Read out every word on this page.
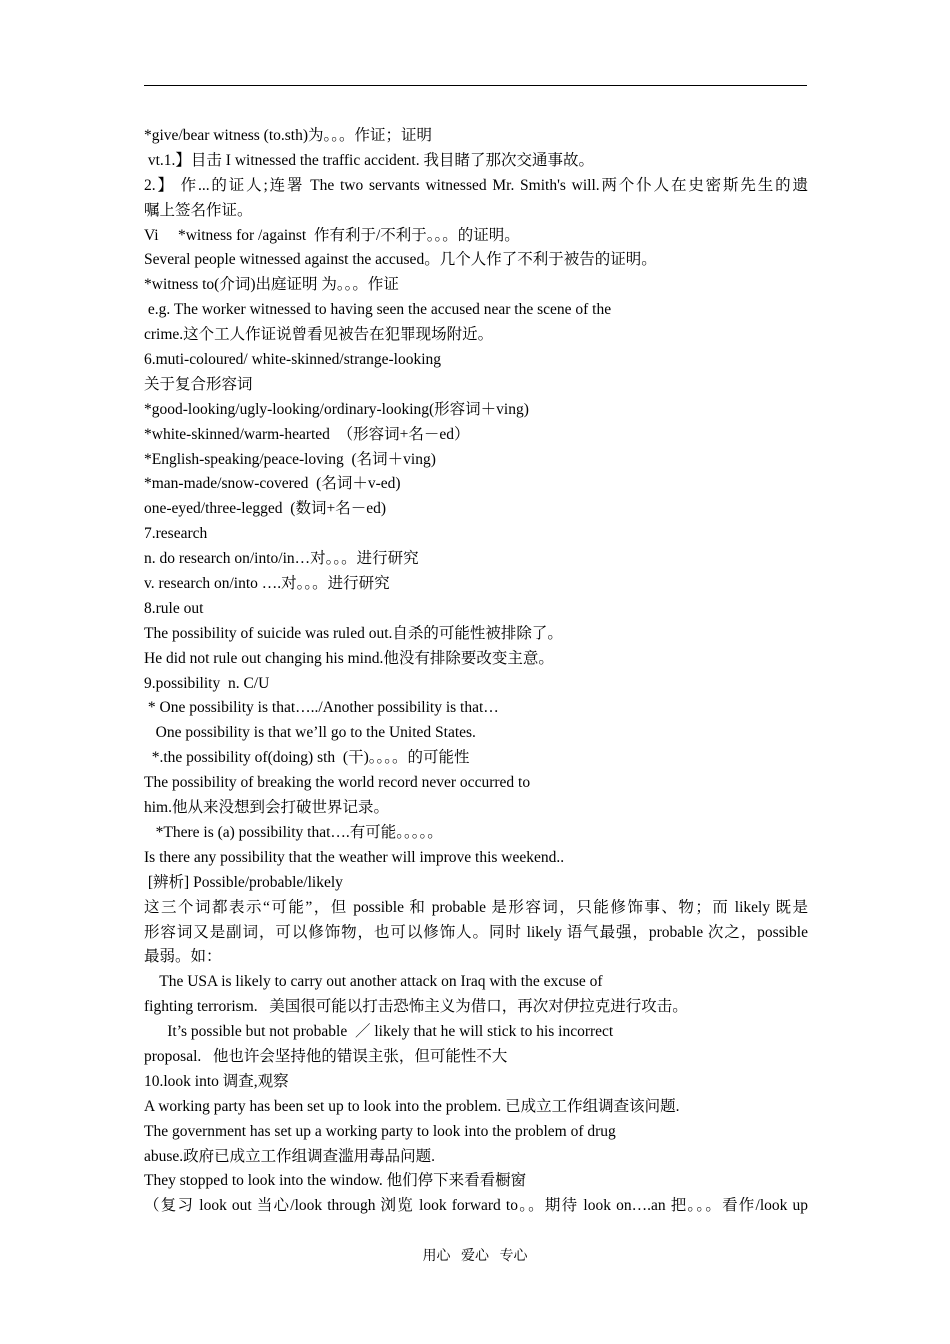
*give/bear witness (to.sth)为。。。作证；证明
vt.1.】目击 I witnessed the traffic accident. 我目睹了那次交通事故。
2.】 作...的证人;连署 The two servants witnessed Mr. Smith's will.两个仆人在史密斯先生的遗
嘱上签名作证。
Vi     *witness for /against  作有利于/不利于。。。的证明。
Several people witnessed against the accused。几个人作了不利于被告的证明。
*witness to(介词)出庭证明 为。。。作证
e.g. The worker witnessed to having seen the accused near the scene of the
crime.这个工人作证说曾看见被告在犯罪现场附近。
6.muti-coloured/ white-skinned/strange-looking
关于复合形容词
*good-looking/ugly-looking/ordinary-looking(形容词＋ving)
*white-skinned/warm-hearted  （形容词+名－ed）
*English-speaking/peace-loving  (名词＋ving)
*man-made/snow-covered  (名词＋v-ed)
one-eyed/three-legged  (数词+名－ed)
7.research
n. do research on/into/in…对。。。进行研究
v. research on/into ….对。。。进行研究
8.rule out
The possibility of suicide was ruled out.自杀的可能性被排除了。
He did not rule out changing his mind.他没有排除要改变主意。
9.possibility  n. C/U
* One possibility is that…../Another possibility is that…
One possibility is that we’ll go to the United States.
*.the possibility of(doing) sth  (干)。。。。的可能性
The possibility of breaking the world record never occurred to
him.他从来没想到会打破世界记录。
*There is (a) possibility that….有可能。。。。。
Is there any possibility that the weather will improve this weekend..
[辨析] Possible/probable/likely
这三个词都表示“可能”，但 possible 和 probable 是形容词，只能修饰事、物；而 likely 既是
形容词又是副词，可以修饰物，也可以修饰人。同时 likely 语气最强，probable 次之，possible
最弱。如：
The USA is likely to carry out another attack on Iraq with the excuse of
fighting terrorism.   美国很可能以打击恐怖主义为借口，再次对伊拉克进行攻击。
It’s possible but not probable  ／ likely that he will stick to his incorrect
proposal.   他也许会坚持他的错误主张，但可能性不大
10.look into 调查,观察
A working party has been set up to look into the problem. 已成立工作组调查该问题.
The government has set up a working party to look into the problem of drug
abuse.政府已成立工作组调查滥用毒品问题.
They stopped to look into the window. 他们停下来看看橱窗
（复习 look out 当心/look through 浏览 look forward to。。期待 look on….an 把。。。看作/look up
用心   爱心   专心
